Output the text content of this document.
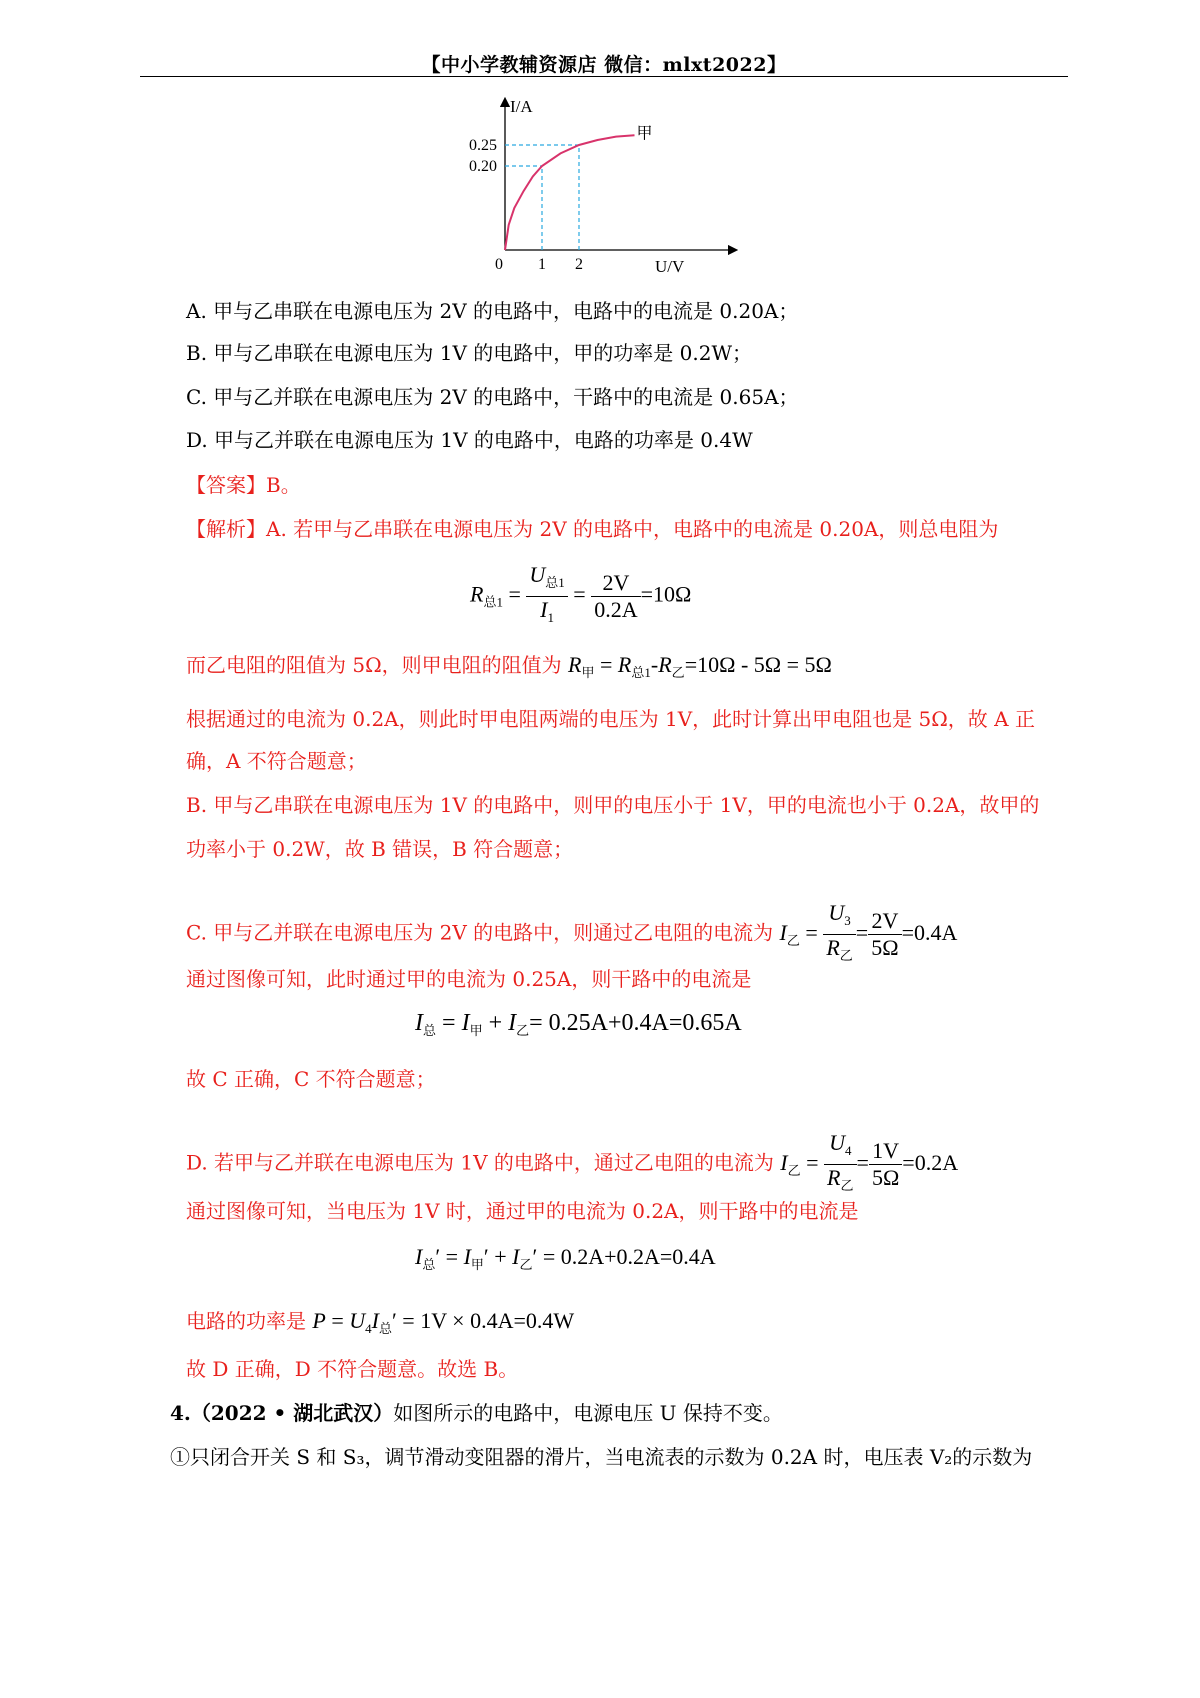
【中小学教辅资源店 微信：mlxt2022】
I/A
U/V
0 1 2
0.25
0.20
甲
A. 甲与乙串联在电源电压为 2V 的电路中，电路中的电流是 0.20A；
B. 甲与乙串联在电源电压为 1V 的电路中，甲的功率是 0.2W；
C. 甲与乙并联在电源电压为 2V 的电路中，干路中的电流是 0.65A；
D. 甲与乙并联在电源电压为 1V 的电路中，电路的功率是 0.4W
【答案】B。
【解析】A. 若甲与乙串联在电源电压为 2V 的电路中，电路中的电流是 0.20A，则总电阻为
$R_{总1} = \frac{U_{总1}}{I_1} = \frac{2V}{0.2A} =10\Omega$
而乙电阻的阻值为 5Ω，则甲电阻的阻值为 $R_甲 = R_{总1}-R_乙=10\Omega - 5\Omega = 5\Omega$
根据通过的电流为 0.2A，则此时甲电阻两端的电压为 1V，此时计算出甲电阻也是 5Ω，故 A 正
确，A 不符合题意；
B. 甲与乙串联在电源电压为 1V 的电路中，则甲的电压小于 1V，甲的电流也小于 0.2A，故甲的
功率小于 0.2W，故 B 错误，B 符合题意；
C. 甲与乙并联在电源电压为 2V 的电路中，则通过乙电阻的电流为 $I_乙 = \frac{U_3}{R_乙} = \frac{2V}{5\Omega} =0.4A$
通过图像可知，此时通过甲的电流为 0.25A，则干路中的电流是
$I_总 = I_甲 + I_乙= 0.25A+0.4A=0.65A$
故 C 正确，C 不符合题意；
D. 若甲与乙并联在电源电压为 1V 的电路中，通过乙电阻的电流为 $I_乙 = \frac{U_4}{R_乙} = \frac{1V}{5\Omega} =0.2A$
通过图像可知，当电压为 1V 时，通过甲的电流为 0.2A，则干路中的电流是
$I_总' = I_甲' + I_乙' = 0.2A+0.2A=0.4A$
电路的功率是 $P = U_4I_总' = 1V \times 0.4A=0.4W$
故 D 正确，D 不符合题意。故选 B。
4.（2022 • 湖北武汉）如图所示的电路中，电源电压 U 保持不变。
①只闭合开关 S 和 S₃，调节滑动变阻器的滑片，当电流表的示数为 0.2A 时，电压表 V₂的示数为
